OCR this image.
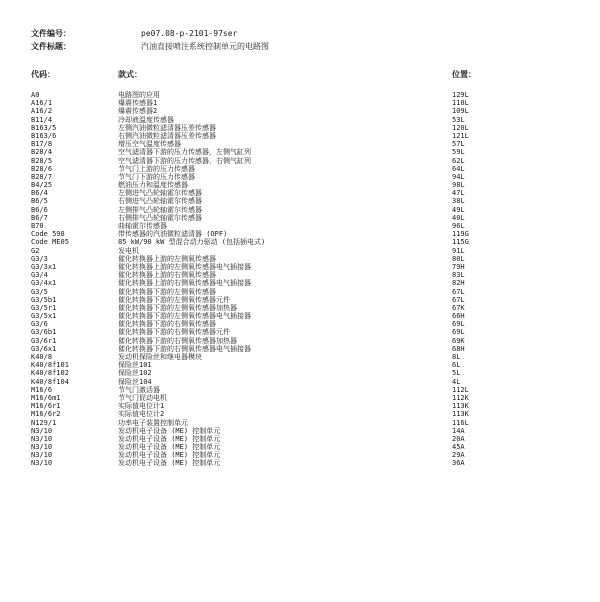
文件编号：	pe07.08-p-2101-97ser
文件标题：	汽油直接喷注系统控制单元的电路图
代码：	款式：	位置：
A0	电路图的应用	129L
A16/1	爆震传感器1	110L
A16/2	爆震传感器2	109L
B11/4	冷却液温度传感器	53L
B163/5	左侧汽油微粒滤清器压差传感器	120L
B163/6	右侧汽油微粒滤清器压差传感器	121L
B17/8	增压空气温度传感器	57L
B28/4	空气滤清器下游的压力传感器，左侧气缸列	59L
B28/5	空气滤清器下游的压力传感器，右侧气缸列	62L
B28/6	节气门上游的压力传感器	64L
B28/7	节气门下游的压力传感器	94L
B4/25	燃油压力和温度传感器	98L
B6/4	左侧进气凸轮轴霍尔传感器	47L
B6/5	右侧进气凸轮轴霍尔传感器	38L
B6/6	左侧排气凸轮轴霍尔传感器	49L
B6/7	右侧排气凸轮轴霍尔传感器	40L
B70	曲轴霍尔传感器	96L
Code 598	带传感器的汽油微粒滤清器 (OPF)	119G
Code ME05	85 kW/90 kW 型混合动力驱动 (包括插电式)	115G
G2	发电机	91L
G3/3	催化转换器上游的左侧氧传感器	80L
G3/3x1	催化转换器上游的左侧氧传感器电气插接器	79H
G3/4	催化转换器上游的右侧氧传感器	83L
G3/4x1	催化转换器上游的右侧氧传感器电气插接器	82H
G3/5	催化转换器下游的左侧氧传感器	67L
G3/5b1	催化转换器下游的左侧氧传感器元件	67L
G3/5r1	催化转换器下游的左侧氧传感器加热器	67K
G3/5x1	催化转换器下游的左侧氧传感器电气插接器	66H
G3/6	催化转换器下游的右侧氧传感器	69L
G3/6b1	催化转换器下游的右侧氧传感器元件	69L
G3/6r1	催化转换器下游的右侧氧传感器加热器	69K
G3/6x1	催化转换器下游的右侧氧传感器电气插接器	68H
K40/8	发动机保险丝和继电器模块	8L
K40/8f101	保险丝101	6L
K40/8f102	保险丝102	5L
K40/8f104	保险丝104	4L
M16/6	节气门激活器	112L
M16/6m1	节气门促动电机	112K
M16/6r1	实际值电位计1	113K
M16/6r2	实际值电位计2	113K
N129/1	功率电子装置控制单元	116L
N3/10	发动机电子设备 (ME) 控制单元	14A
N3/10	发动机电子设备 (ME) 控制单元	20A
N3/10	发动机电子设备 (ME) 控制单元	45A
N3/10	发动机电子设备 (ME) 控制单元	29A
N3/10	发动机电子设备 (ME) 控制单元	36A
